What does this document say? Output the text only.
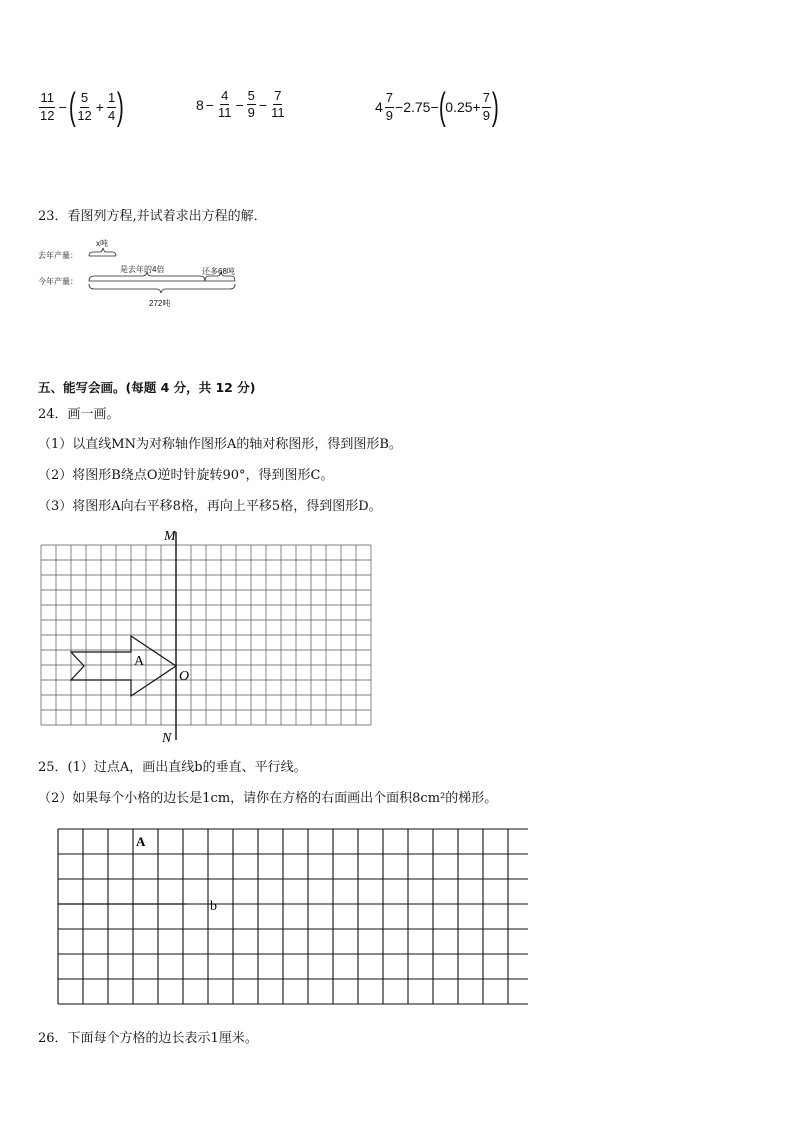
$\frac{11}{12}$ − ( $\frac{5}{12} + \frac{1}{4}$ )	$8 - \frac{4}{11} - \frac{5}{9} - \frac{7}{11}$	$4 \frac{7}{9} -2.75-$ ( $0.25+ \frac{7}{9}$ )
23．看图列方程,并试着求出方程的解．
去年产量：
x吨
今年产量：
是去年的4倍	还多68吨
272吨
五、能写会画。(每题 4 分，共 12 分)
24．画一画。
（1）以直线MN为对称轴作图形A的轴对称图形，得到图形B。
（2）将图形B绕点O逆时针旋转90°，得到图形C。
（3）将图形A向右平移8格，再向上平移5格，得到图形D。
M
N
O
A
25．(1）过点A，画出直线b的垂直、平行线。
（2）如果每个小格的边长是1cm，请你在方格的右面画出个面积8cm²的梯形。
A
b
26．下面每个方格的边长表示1厘米。
